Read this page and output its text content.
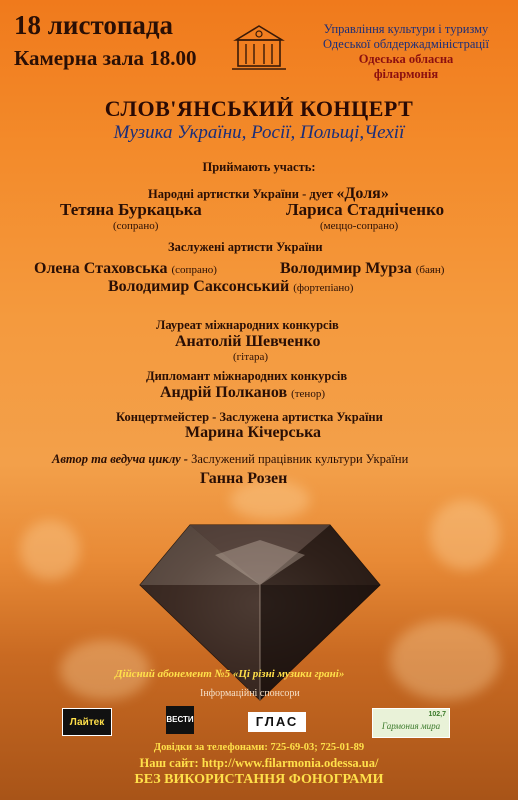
18 листопада
Камерна зала 18.00
Управління культури і туризму
Одеської облдержадміністрації
Одеська обласна
філармонія
СЛОВ'ЯНСЬКИЙ КОНЦЕРТ
Музика України, Росії, Польщі,Чехії
Приймають участь:
Народні артистки України - дует «Доля»
Тетяна Буркацька
(сопрано)
Лариса Стадніченко
(меццо-сопрано)
Заслужені артисти України
Олена Стаховська (сопрано)	Володимир Мурза (баян)
Володимир Саксонський (фортепіано)
Лауреат міжнародних конкурсів
Анатолій Шевченко
(гітара)
Дипломант міжнародних конкурсів
Андрій Полканов (тенор)
Концертмейстер - Заслужена артистка України
Марина Кічерська
Автор та ведуча циклу - Заслужений працівник культури України
Ганна Розен
Дійсний абонемент №5 «Ці різні музики грані»
Інформаційні спонсори
Лайтек	ВЕСТИ	ГЛАС	Гармония мира
102,7
Довідки за телефонами: 725-69-03; 725-01-89
Наш сайт: http://www.filarmonia.odessa.ua/
БЕЗ ВИКОРИСТАННЯ ФОНОГРАМИ
